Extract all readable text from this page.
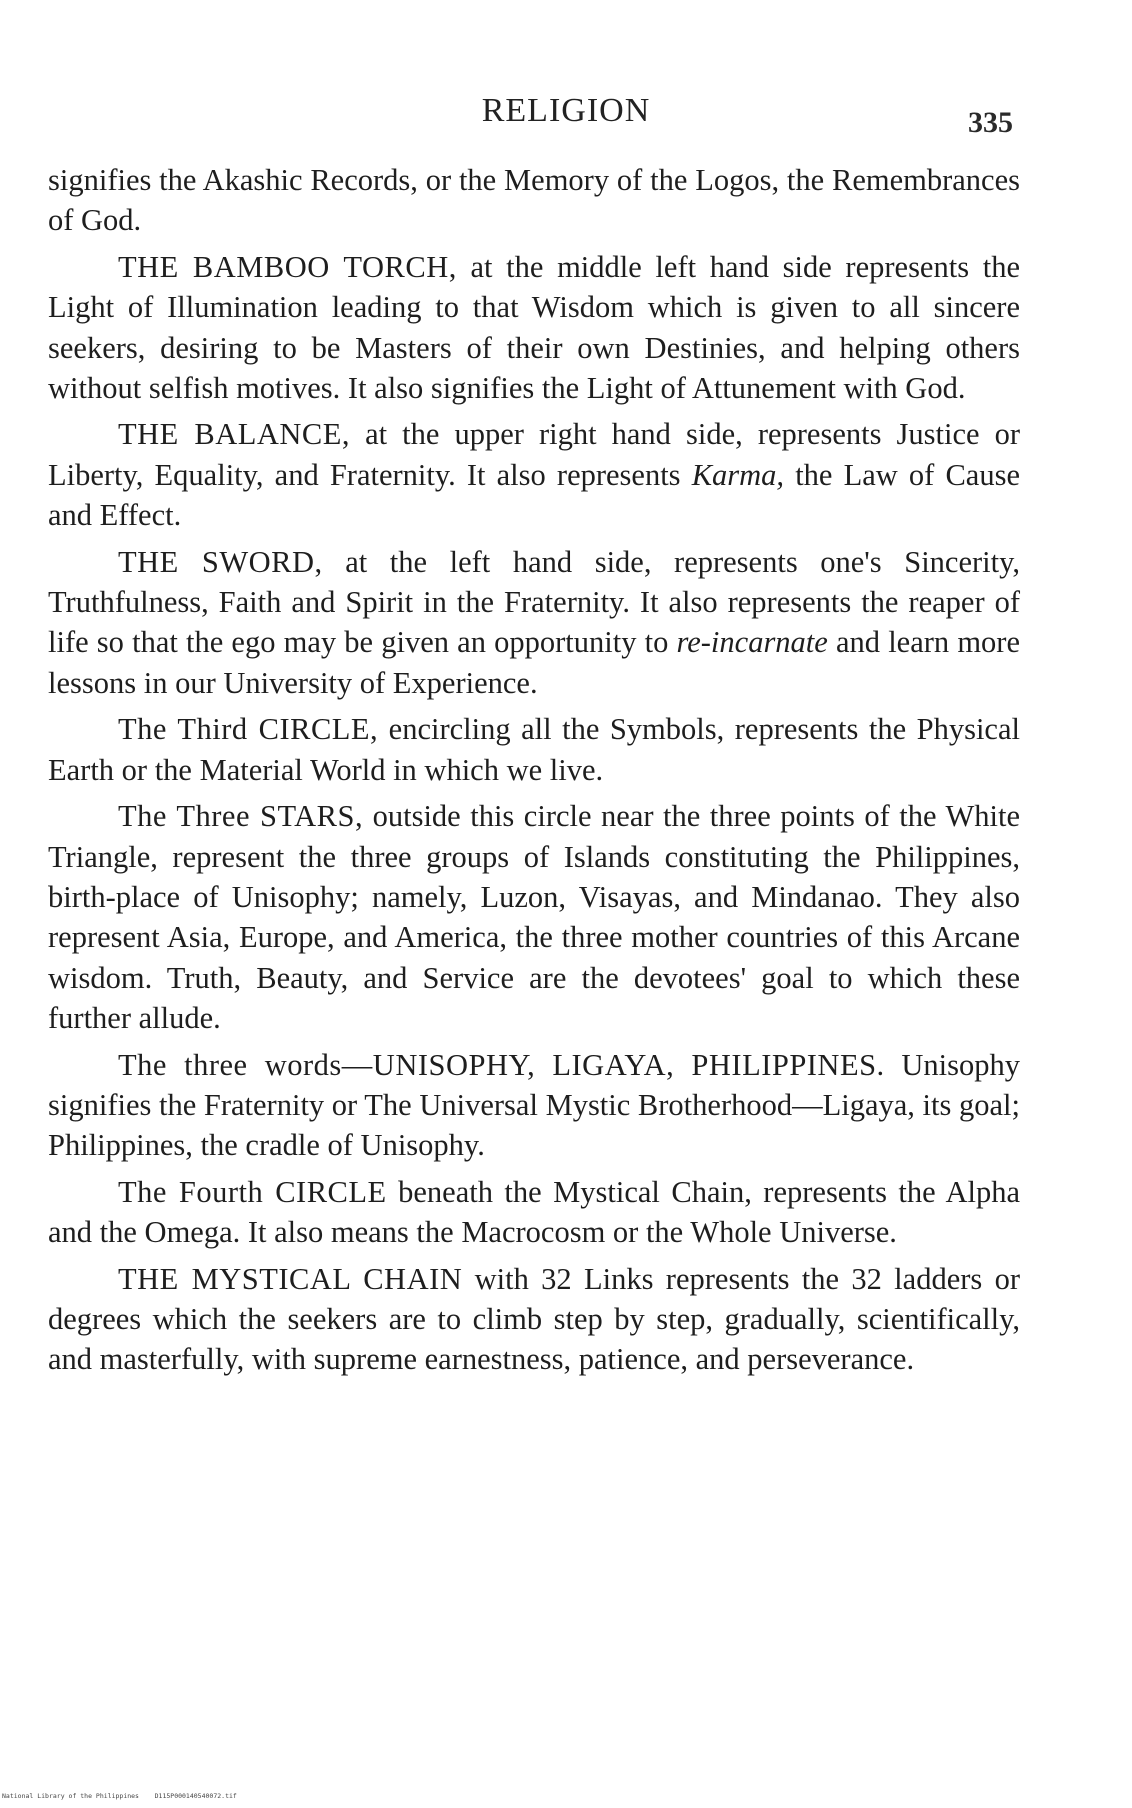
RELIGION	335

signifies the Akashic Records, or the Memory of the Logos, the Remembrances of God.

THE BAMBOO TORCH, at the middle left hand side represents the Light of Illumination leading to that Wisdom which is given to all sincere seekers, desiring to be Masters of their own Destinies, and helping others without selfish motives. It also signifies the Light of Attunement with God.

THE BALANCE, at the upper right hand side, represents Justice or Liberty, Equality, and Fraternity. It also represents Karma, the Law of Cause and Effect.

THE SWORD, at the left hand side, represents one's Sincerity, Truthfulness, Faith and Spirit in the Fraternity. It also represents the reaper of life so that the ego may be given an opportunity to re-incarnate and learn more lessons in our University of Experience.

The Third CIRCLE, encircling all the Symbols, represents the Physical Earth or the Material World in which we live.

The Three STARS, outside this circle near the three points of the White Triangle, represent the three groups of Islands constituting the Philippines, birth-place of Unisophy; namely, Luzon, Visayas, and Mindanao. They also represent Asia, Europe, and America, the three mother countries of this Arcane wisdom. Truth, Beauty, and Service are the devotees' goal to which these further allude.

The three words—UNISOPHY, LIGAYA, PHILIPPINES. Unisophy signifies the Fraternity or The Universal Mystic Brotherhood—Ligaya, its goal; Philippines, the cradle of Unisophy.

The Fourth CIRCLE beneath the Mystical Chain, represents the Alpha and the Omega. It also means the Macrocosm or the Whole Universe.

THE MYSTICAL CHAIN with 32 Links represents the 32 ladders or degrees which the seekers are to climb step by step, gradually, scientifically, and masterfully, with supreme earnestness, patience, and perseverance.

National Library of the Philippines D115P000140540072.tif
